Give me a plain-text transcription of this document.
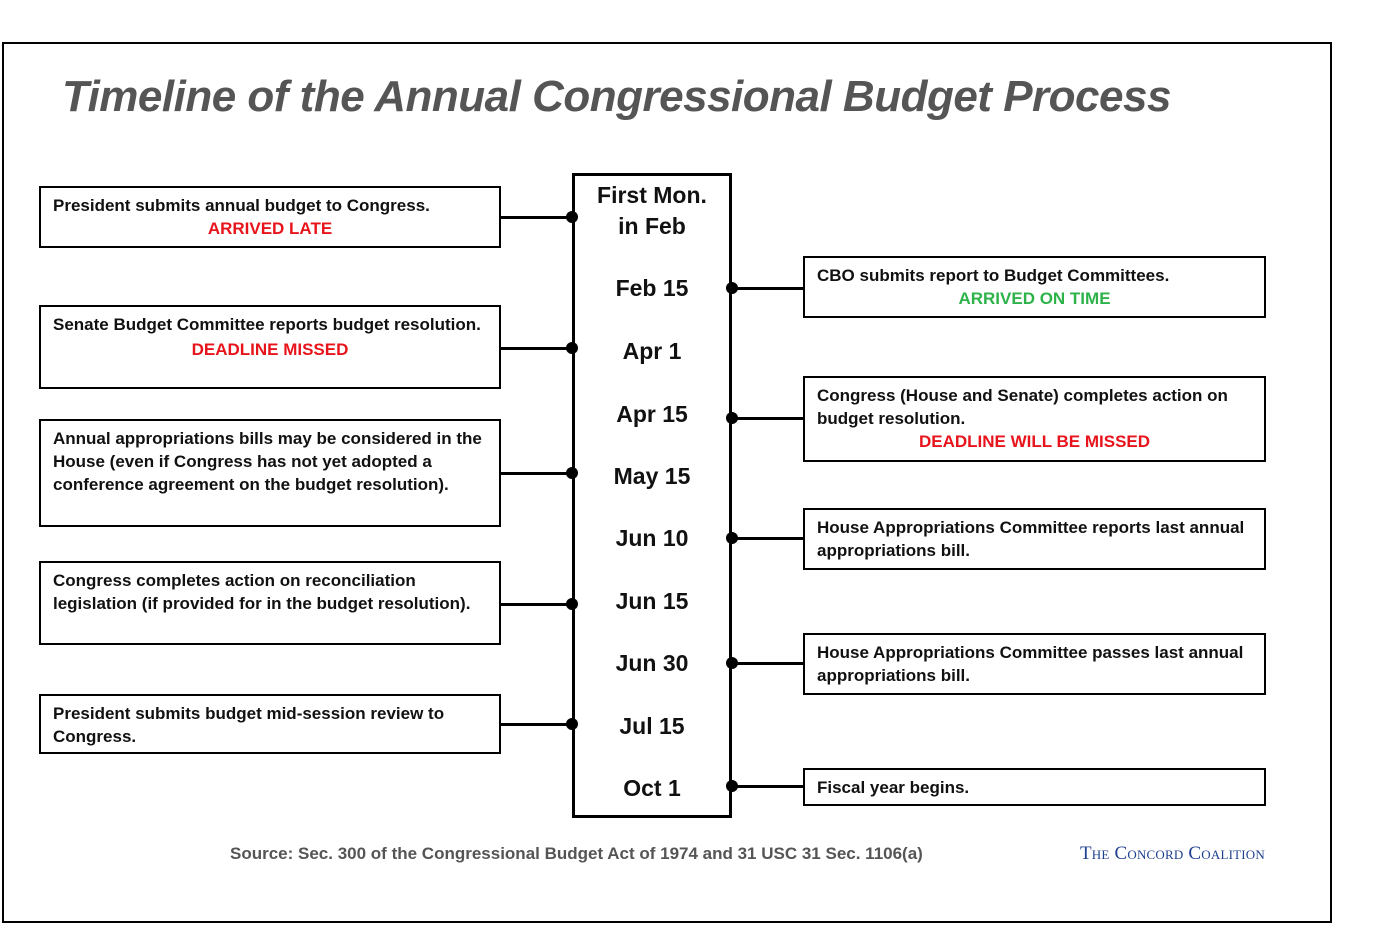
Timeline of the Annual Congressional Budget Process
First Mon.
in Feb
Feb 15
Apr 1
Apr 15
May 15
Jun 10
Jun 15
Jun 30
Jul 15
Oct 1
President submits annual budget to Congress.
ARRIVED LATE
Senate Budget Committee reports budget resolution.
DEADLINE MISSED
Annual appropriations bills may be considered in the House (even if Congress has not yet adopted a conference agreement on the budget resolution).
Congress completes action on reconciliation legislation (if provided for in the budget resolution).
President submits budget mid-session review to Congress.
CBO submits report to Budget Committees.
ARRIVED ON TIME
Congress (House and Senate) completes action on budget resolution.
DEADLINE WILL BE MISSED
House Appropriations Committee reports last annual appropriations bill.
House Appropriations Committee passes last annual appropriations bill.
Fiscal year begins.
Source: Sec. 300 of the Congressional Budget Act of 1974 and 31 USC 31 Sec. 1106(a)	The Concord Coalition
